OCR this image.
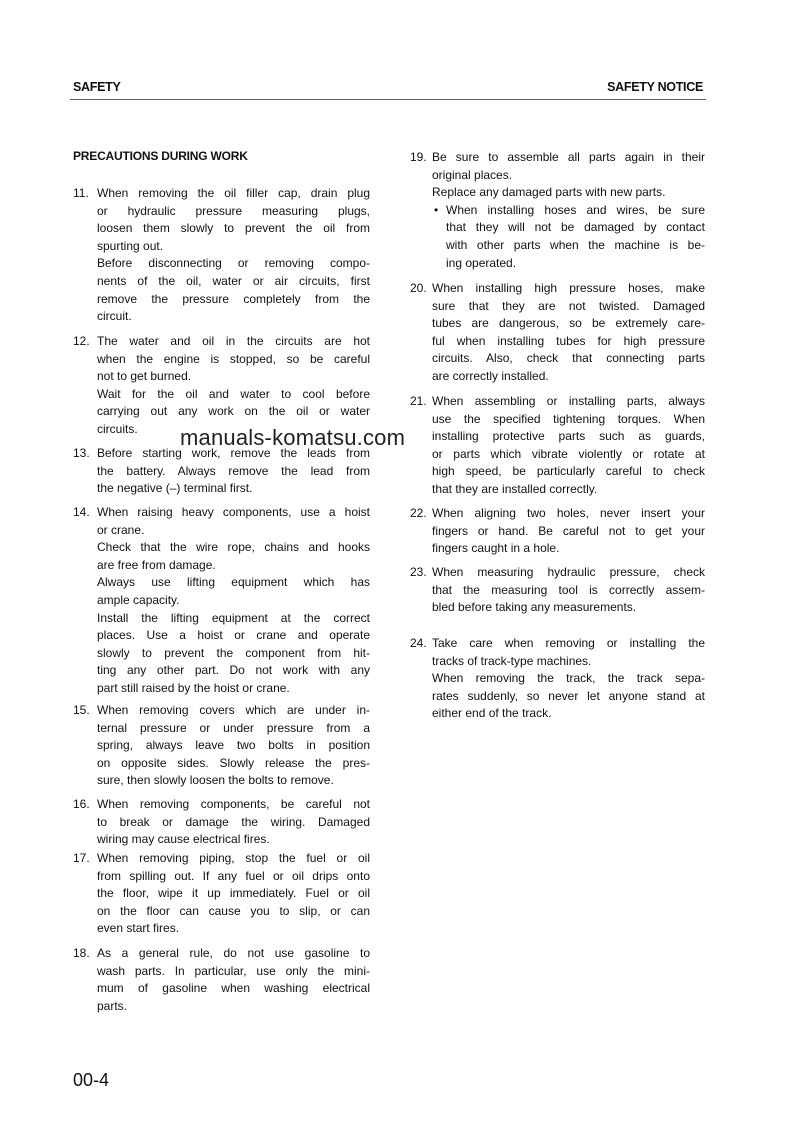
SAFETY	SAFETY NOTICE
PRECAUTIONS DURING WORK
11. When removing the oil filler cap, drain plug
or hydraulic pressure measuring plugs,
loosen them slowly to prevent the oil from
spurting out.
Before disconnecting or removing compo-
nents of the oil, water or air circuits, first
remove the pressure completely from the
circuit.
12. The water and oil in the circuits are hot
when the engine is stopped, so be careful
not to get burned.
Wait for the oil and water to cool before
carrying out any work on the oil or water
circuits.
13. Before starting work, remove the leads from
the battery. Always remove the lead from
the negative (–) terminal first.
14. When raising heavy components, use a hoist
or crane.
Check that the wire rope, chains and hooks
are free from damage.
Always use lifting equipment which has
ample capacity.
Install the lifting equipment at the correct
places. Use a hoist or crane and operate
slowly to prevent the component from hit-
ting any other part. Do not work with any
part still raised by the hoist or crane.
15. When removing covers which are under in-
ternal pressure or under pressure from a
spring, always leave two bolts in position
on opposite sides. Slowly release the pres-
sure, then slowly loosen the bolts to remove.
16. When removing components, be careful not
to break or damage the wiring. Damaged
wiring may cause electrical fires.
17. When removing piping, stop the fuel or oil
from spilling out. If any fuel or oil drips onto
the floor, wipe it up immediately. Fuel or oil
on the floor can cause you to slip, or can
even start fires.
18. As a general rule, do not use gasoline to
wash parts. In particular, use only the mini-
mum of gasoline when washing electrical
parts.
19. Be sure to assemble all parts again in their
original places.
Replace any damaged parts with new parts.
• When installing hoses and wires, be sure
that they will not be damaged by contact
with other parts when the machine is be-
ing operated.
20. When installing high pressure hoses, make
sure that they are not twisted. Damaged
tubes are dangerous, so be extremely care-
ful when installing tubes for high pressure
circuits. Also, check that connecting parts
are correctly installed.
21. When assembling or installing parts, always
use the specified tightening torques. When
installing protective parts such as guards,
or parts which vibrate violently or rotate at
high speed, be particularly careful to check
that they are installed correctly.
22. When aligning two holes, never insert your
fingers or hand. Be careful not to get your
fingers caught in a hole.
23. When measuring hydraulic pressure, check
that the measuring tool is correctly assem-
bled before taking any measurements.
24. Take care when removing or installing the
tracks of track-type machines.
When removing the track, the track sepa-
rates suddenly, so never let anyone stand at
either end of the track.
manuals-komatsu.com
00-4
